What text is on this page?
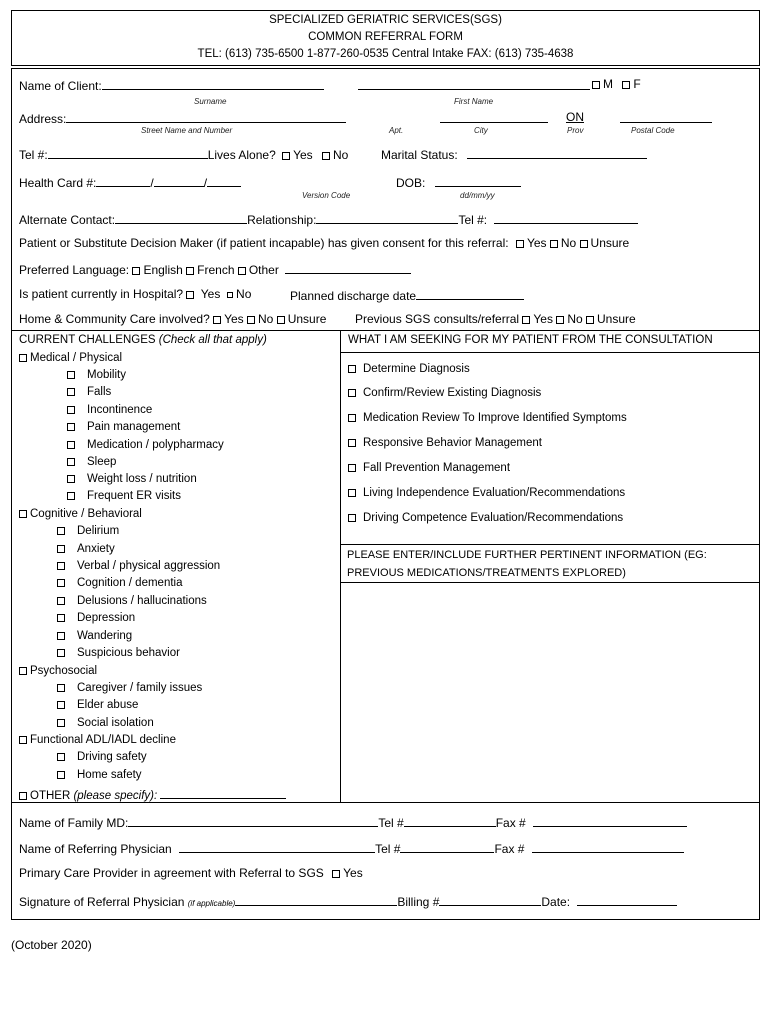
SPECIALIZED GERIATRIC SERVICES(SGS)
COMMON REFERRAL FORM
TEL: (613) 735-6500 1-877-260-0535 Central Intake FAX: (613) 735-4638
Name of Client:	M F
Surname	First Name
Address:	ON
Street Name and Number	Apt.	City	Prov	Postal Code
Tel #:	Lives Alone? Yes No	Marital Status:
Health Card #:	/	/
Version Code
DOB:
dd/mm/yy
Alternate Contact:	Relationship:	Tel #:
Patient or Substitute Decision Maker (if patient incapable) has given consent for this referral: Yes No Unsure
Preferred Language: English French Other
Is patient currently in Hospital? Yes No	Planned discharge date
Home & Community Care involved? Yes No Unsure Previous SGS consults/referral Yes No Unsure
CURRENT CHALLENGES (Check all that apply)
Medical / Physical
Mobility
Falls
Incontinence
Pain management
Medication / polypharmacy
Sleep
Weight loss / nutrition
Frequent ER visits
Cognitive / Behavioral
Delirium
Anxiety
Verbal / physical aggression
Cognition / dementia
Delusions / hallucinations
Depression
Wandering
Suspicious behavior
Psychosocial
Caregiver / family issues
Elder abuse
Social isolation
Functional ADL/IADL decline
Driving safety
Home safety
OTHER (please specify):
WHAT I AM SEEKING FOR MY PATIENT FROM THE CONSULTATION
Determine Diagnosis
Confirm/Review Existing Diagnosis
Medication Review To Improve Identified Symptoms
Responsive Behavior Management
Fall Prevention Management
Living Independence Evaluation/Recommendations
Driving Competence Evaluation/Recommendations
PLEASE ENTER/INCLUDE FURTHER PERTINENT INFORMATION (EG:
PREVIOUS MEDICATIONS/TREATMENTS EXPLORED)
Name of Family MD:	Tel #	Fax #
Name of Referring Physician	Tel #	Fax #
Primary Care Provider in agreement with Referral to SGS Yes
Signature of Referral Physician (if applicable)	Billing #	Date:
(October 2020)
